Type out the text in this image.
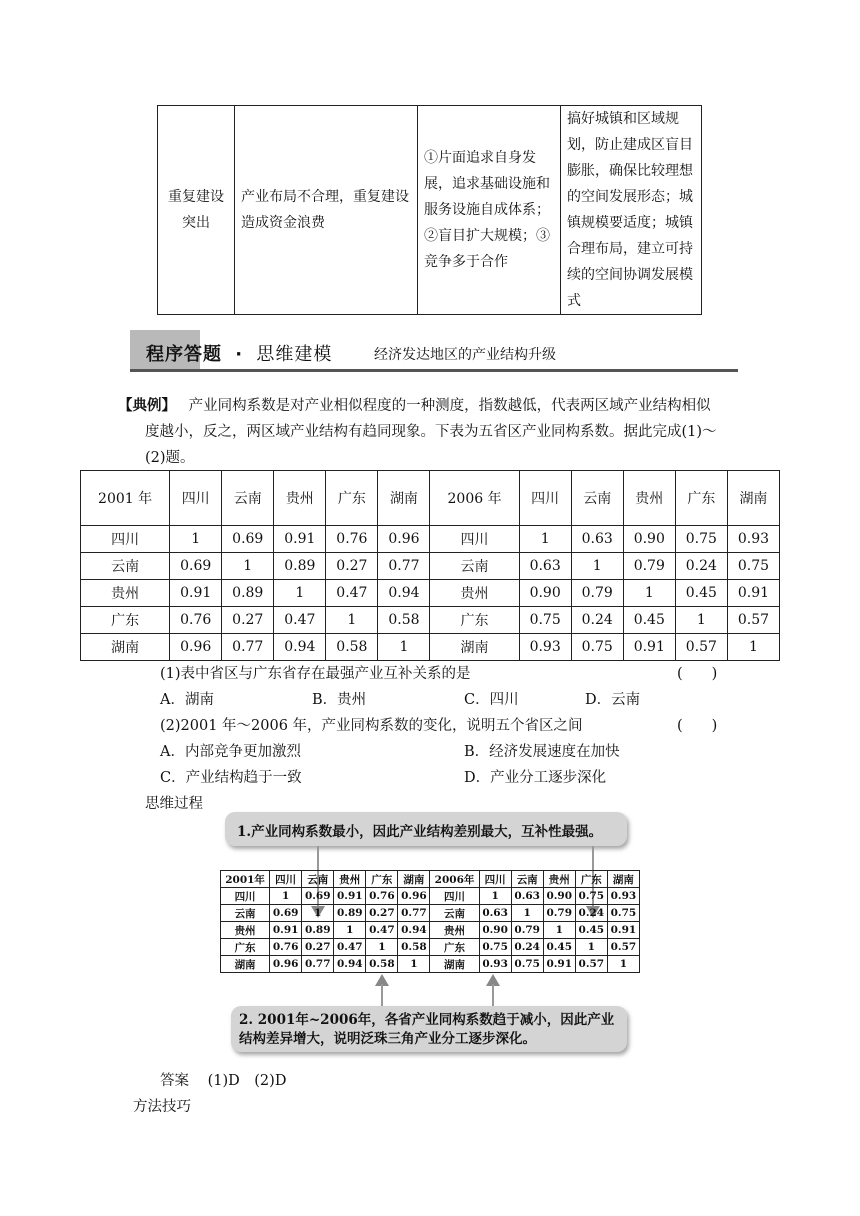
重复建设突出	产业布局不合理，重复建设造成资金浪费	①片面追求自身发展，追求基础设施和服务设施自成体系；②盲目扩大规模；③竞争多于合作	搞好城镇和区域规划，防止建成区盲目膨胀，确保比较理想的空间发展形态；城镇规模要适度；城镇合理布局，建立可持续的空间协调发展模式
程序答题 · 思维建模	经济发达地区的产业结构升级
【典例】 产业同构系数是对产业相似程度的一种测度，指数越低，代表两区域产业结构相似
度越小，反之，两区域产业结构有趋同现象。下表为五省区产业同构系数。据此完成(1)～
(2)题。
2001 年	四川	云南	贵州	广东	湖南	2006 年	四川	云南	贵州	广东	湖南
四川	1	0.69	0.91	0.76	0.96	四川	1	0.63	0.90	0.75	0.93
云南	0.69	1	0.89	0.27	0.77	云南	0.63	1	0.79	0.24	0.75
贵州	0.91	0.89	1	0.47	0.94	贵州	0.90	0.79	1	0.45	0.91
广东	0.76	0.27	0.47	1	0.58	广东	0.75	0.24	0.45	1	0.57
湖南	0.96	0.77	0.94	0.58	1	湖南	0.93	0.75	0.91	0.57	1
(1)表中省区与广东省存在最强产业互补关系的是	(　　)
A．湖南	B．贵州	C．四川	D．云南
(2)2001 年～2006 年，产业同构系数的变化，说明五个省区之间	(　　)
A．内部竞争更加激烈	B．经济发展速度在加快
C．产业结构趋于一致	D．产业分工逐步深化
思维过程
1.产业同构系数最小，因此产业结构差别最大，互补性最强。
2001年	四川	云南	贵州	广东	湖南	2006年	四川	云南	贵州	广东	湖南
四川	1	0.69	0.91	0.76	0.96	四川	1	0.63	0.90	0.75	0.93
云南	0.69	1	0.89	0.27	0.77	云南	0.63	1	0.79	0.24	0.75
贵州	0.91	0.89	1	0.47	0.94	贵州	0.90	0.79	1	0.45	0.91
广东	0.76	0.27	0.47	1	0.58	广东	0.75	0.24	0.45	1	0.57
湖南	0.96	0.77	0.94	0.58	1	湖南	0.93	0.75	0.91	0.57	1
2. 2001年~2006年，各省产业同构系数趋于减小，因此产业
结构差异增大，说明泛珠三角产业分工逐步深化。
答案 (1)D　(2)D
方法技巧
